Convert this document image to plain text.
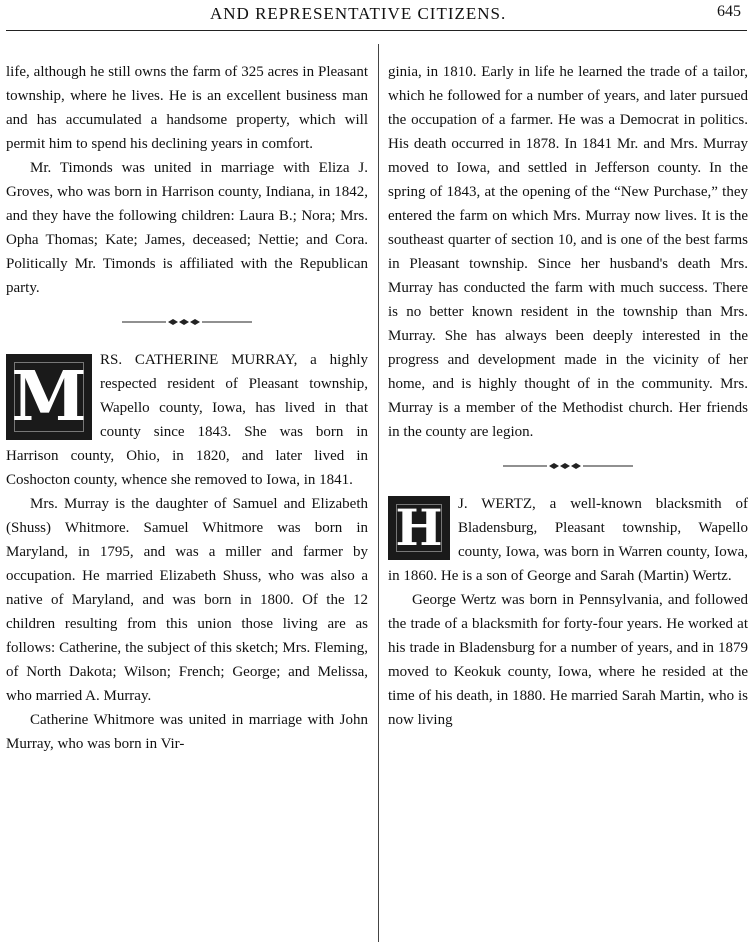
AND REPRESENTATIVE CITIZENS.	645

life, although he still owns the farm of 325 acres in Pleasant township, where he lives. He is an excellent business man and has accumulated a handsome property, which will permit him to spend his declining years in comfort.

Mr. Timonds was united in marriage with Eliza J. Groves, who was born in Harrison county, Indiana, in 1842, and they have the following children: Laura B.; Nora; Mrs. Opha Thomas; Kate; James, deceased; Nettie; and Cora. Politically Mr. Timonds is affiliated with the Republican party.

M RS. CATHERINE MURRAY, a highly respected resident of Pleasant township, Wapello county, Iowa, has lived in that county since 1843. She was born in Harrison county, Ohio, in 1820, and later lived in Coshocton county, whence she removed to Iowa, in 1841.

Mrs. Murray is the daughter of Samuel and Elizabeth (Shuss) Whitmore. Samuel Whitmore was born in Maryland, in 1795, and was a miller and farmer by occupation. He married Elizabeth Shuss, who was also a native of Maryland, and was born in 1800. Of the 12 children resulting from this union those living are as follows: Catherine, the subject of this sketch; Mrs. Fleming, of North Dakota; Wilson; French; George; and Melissa, who married A. Murray.

Catherine Whitmore was united in marriage with John Murray, who was born in Vir-

ginia, in 1810. Early in life he learned the trade of a tailor, which he followed for a number of years, and later pursued the occupation of a farmer. He was a Democrat in politics. His death occurred in 1878. In 1841 Mr. and Mrs. Murray moved to Iowa, and settled in Jefferson county. In the spring of 1843, at the opening of the “New Purchase,” they entered the farm on which Mrs. Murray now lives. It is the southeast quarter of section 10, and is one of the best farms in Pleasant township. Since her husband's death Mrs. Murray has conducted the farm with much success. There is no better known resident in the township than Mrs. Murray. She has always been deeply interested in the progress and development made in the vicinity of her home, and is highly thought of in the community. Mrs. Murray is a member of the Methodist church. Her friends in the county are legion.

H	J. WERTZ, a well-known blacksmith of Bladensburg, Pleasant township, Wapello county, Iowa, was born in Warren county, Iowa, in 1860. He is a son of George and Sarah (Martin) Wertz.

George Wertz was born in Pennsylvania, and followed the trade of a blacksmith for forty-four years. He worked at his trade in Bladensburg for a number of years, and in 1879 moved to Keokuk county, Iowa, where he resided at the time of his death, in 1880. He married Sarah Martin, who is now living
